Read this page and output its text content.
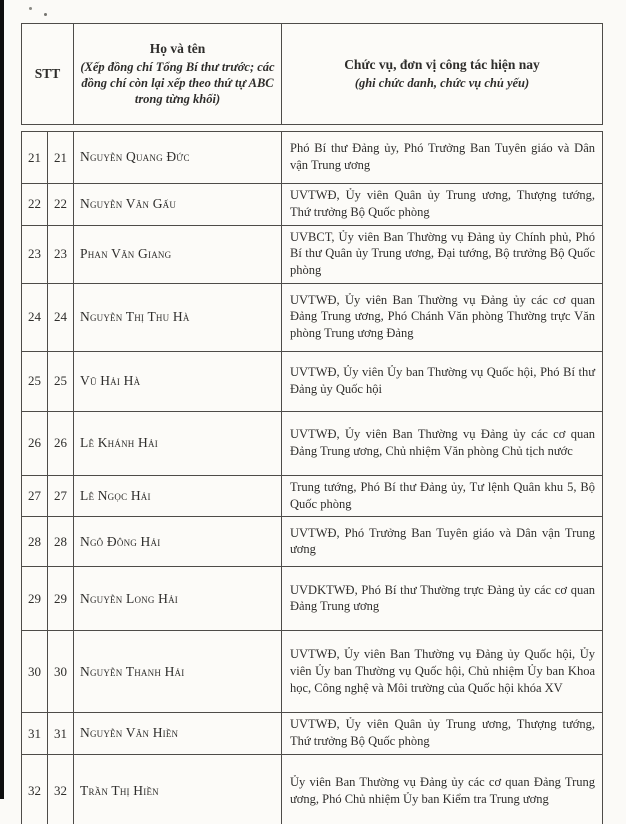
STT

Họ và tên
(Xếp đồng chí Tổng Bí thư trước; các đồng chí còn lại xếp theo thứ tự ABC trong từng khối)

Chức vụ, đơn vị công tác hiện nay
(ghi chức danh, chức vụ chủ yếu)
21	21	Nguyễn Quang Đức	Phó Bí thư Đảng ủy, Phó Trưởng Ban Tuyên giáo và Dân vận Trung ương
22	22	Nguyễn Văn Gấu	UVTWĐ, Ủy viên Quân ủy Trung ương, Thượng tướng, Thứ trưởng Bộ Quốc phòng
23	23	Phan Văn Giang	UVBCT, Ủy viên Ban Thường vụ Đảng ủy Chính phủ, Phó Bí thư Quân ủy Trung ương, Đại tướng, Bộ trưởng Bộ Quốc phòng
24	24	Nguyễn Thị Thu Hà	UVTWĐ, Ủy viên Ban Thường vụ Đảng ủy các cơ quan Đảng Trung ương, Phó Chánh Văn phòng Thường trực Văn phòng Trung ương Đảng
25	25	Vũ Hải Hà	UVTWĐ, Ủy viên Ủy ban Thường vụ Quốc hội, Phó Bí thư Đảng ủy Quốc hội
26	26	Lê Khánh Hải	UVTWĐ, Ủy viên Ban Thường vụ Đảng ủy các cơ quan Đảng Trung ương, Chủ nhiệm Văn phòng Chủ tịch nước
27	27	Lê Ngọc Hải	Trung tướng, Phó Bí thư Đảng ủy, Tư lệnh Quân khu 5, Bộ Quốc phòng
28	28	Ngô Đông Hải	UVTWĐ, Phó Trưởng Ban Tuyên giáo và Dân vận Trung ương
29	29	Nguyễn Long Hải	UVDKTWĐ, Phó Bí thư Thường trực Đảng ủy các cơ quan Đảng Trung ương
30	30	Nguyễn Thanh Hải	UVTWĐ, Ủy viên Ban Thường vụ Đảng ủy Quốc hội, Ủy viên Ủy ban Thường vụ Quốc hội, Chủ nhiệm Ủy ban Khoa học, Công nghệ và Môi trường của Quốc hội khóa XV
31	31	Nguyễn Văn Hiền	UVTWĐ, Ủy viên Quân ủy Trung ương, Thượng tướng, Thứ trưởng Bộ Quốc phòng
32	32	Trần Thị Hiền	Ủy viên Ban Thường vụ Đảng ủy các cơ quan Đảng Trung ương, Phó Chủ nhiệm Ủy ban Kiểm tra Trung ương
